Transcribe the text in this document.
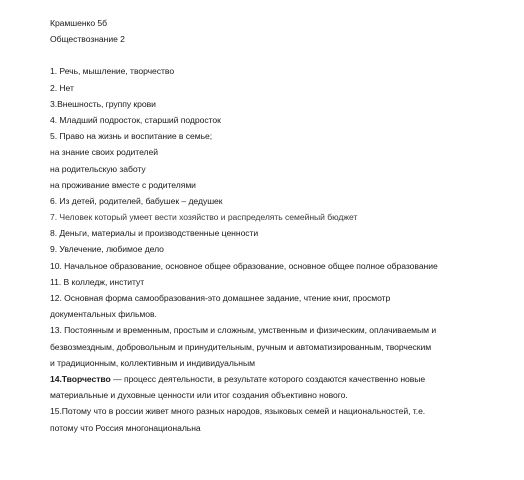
Крамшенко 5б
Обществознание 2
1. Речь, мышление, творчество
2. Нет
3.Внешность, группу крови
4. Младший подросток, старший подросток
5. Право на жизнь и воспитание в семье;
на знание своих родителей
на родительскую заботу
на проживание вместе с родителями
6. Из детей, родителей, бабушек – дедушек
7. Человек который умеет вести хозяйство и распределять семейный бюджет
8. Деньги, материалы и производственные ценности
9. Увлечение, любимое дело
10. Начальное образование, основное общее образование, основное общее полное образование
11. В колледж, институт
12. Основная форма самообразования-это домашнее задание, чтение книг, просмотр
документальных фильмов.
13. Постоянным и временным, простым и сложным, умственным и физическим, оплачиваемым и
безвозмездным, добровольным и принудительным, ручным и автоматизированным, творческим
и традиционным, коллективным и индивидуальным
14.Творчество — процесс деятельности, в результате которого создаются качественно новые
материальные и духовные ценности или итог создания объективно нового.
15.Потому что в россии живет много разных народов, языковых семей и национальностей, т.е.
потому что Россия многонациональна
